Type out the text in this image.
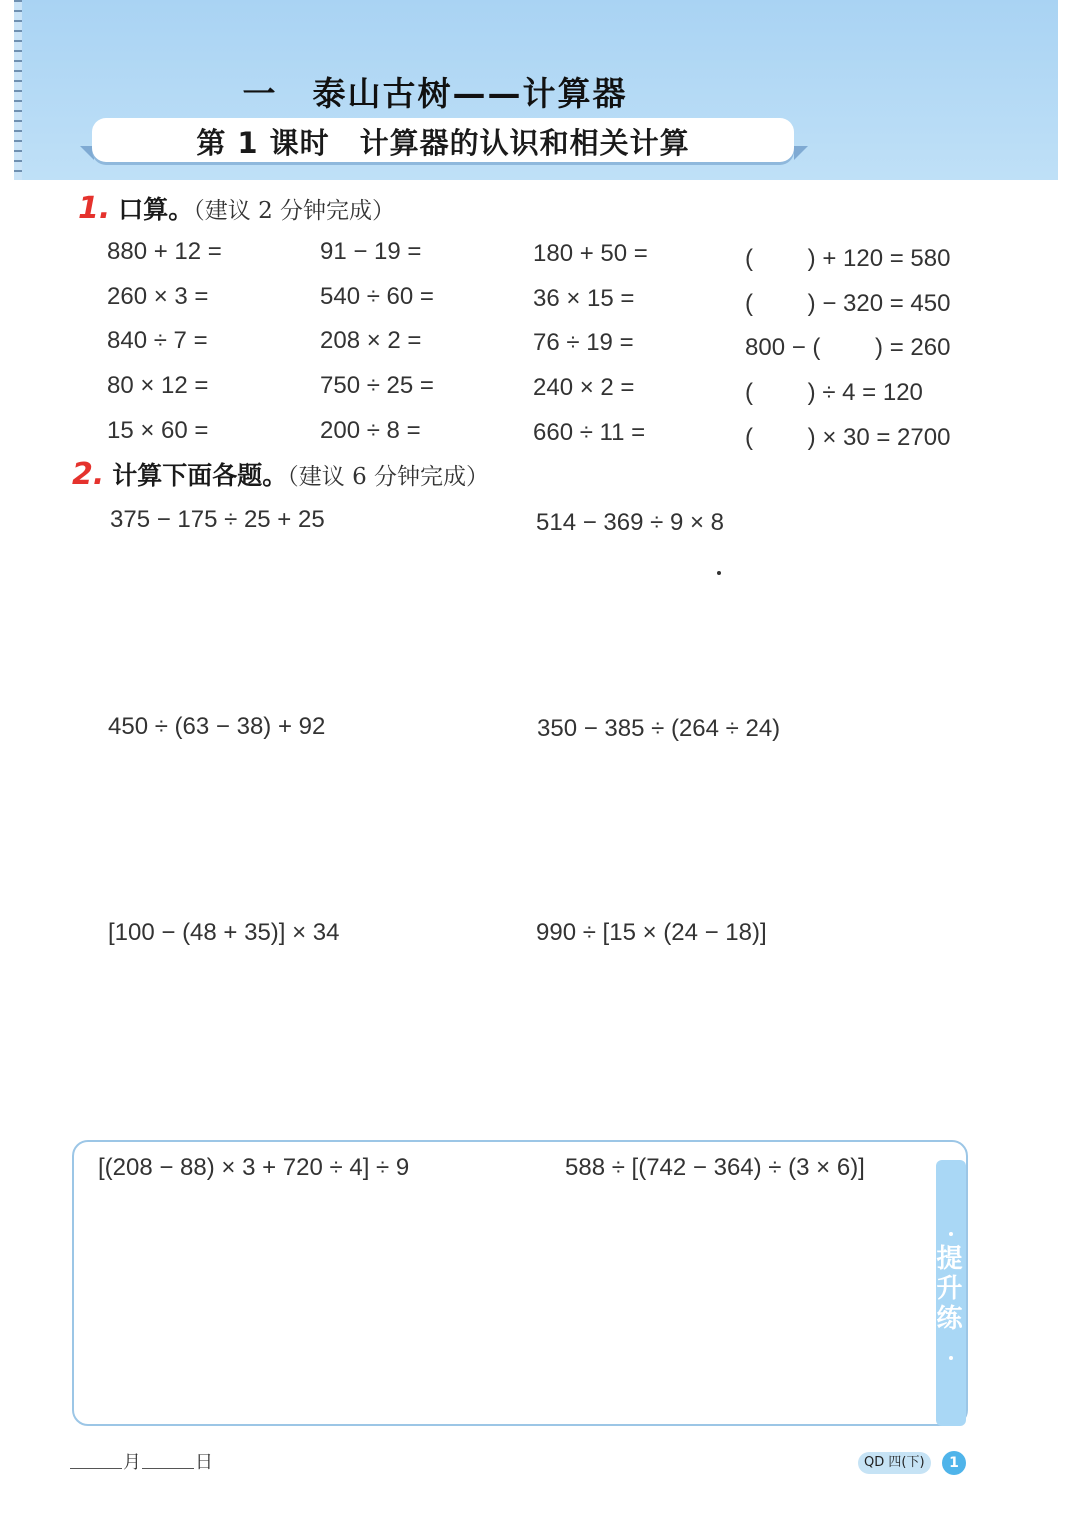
一　泰山古树——计算器
第 1 课时　计算器的认识和相关计算
1. 口算。（建议 2 分钟完成）
880 + 12 =	91 − 19 =	180 + 50 =	(　　 ) + 120 = 580
260 × 3 =	540 ÷ 60 =	36 × 15 =	(　　 ) − 320 = 450
840 ÷ 7 =	208 × 2 =	76 ÷ 19 =	800 − (　　 ) = 260
80 × 12 =	750 ÷ 25 =	240 × 2 =	(　　 ) ÷ 4 = 120
15 × 60 =	200 ÷ 8 =	660 ÷ 11 =	(　　 ) × 30 = 2700
2. 计算下面各题。（建议 6 分钟完成）
375 − 175 ÷ 25 + 25	514 − 369 ÷ 9 × 8
450 ÷ (63 − 38) + 92	350 − 385 ÷ (264 ÷ 24)
[100 − (48 + 35)] × 34	990 ÷ [15 × (24 − 18)]
提升练
[(208 − 88) × 3 + 720 ÷ 4] ÷ 9	588 ÷ [(742 − 364) ÷ (3 × 6)]
月	日	QD 四(下)	1
